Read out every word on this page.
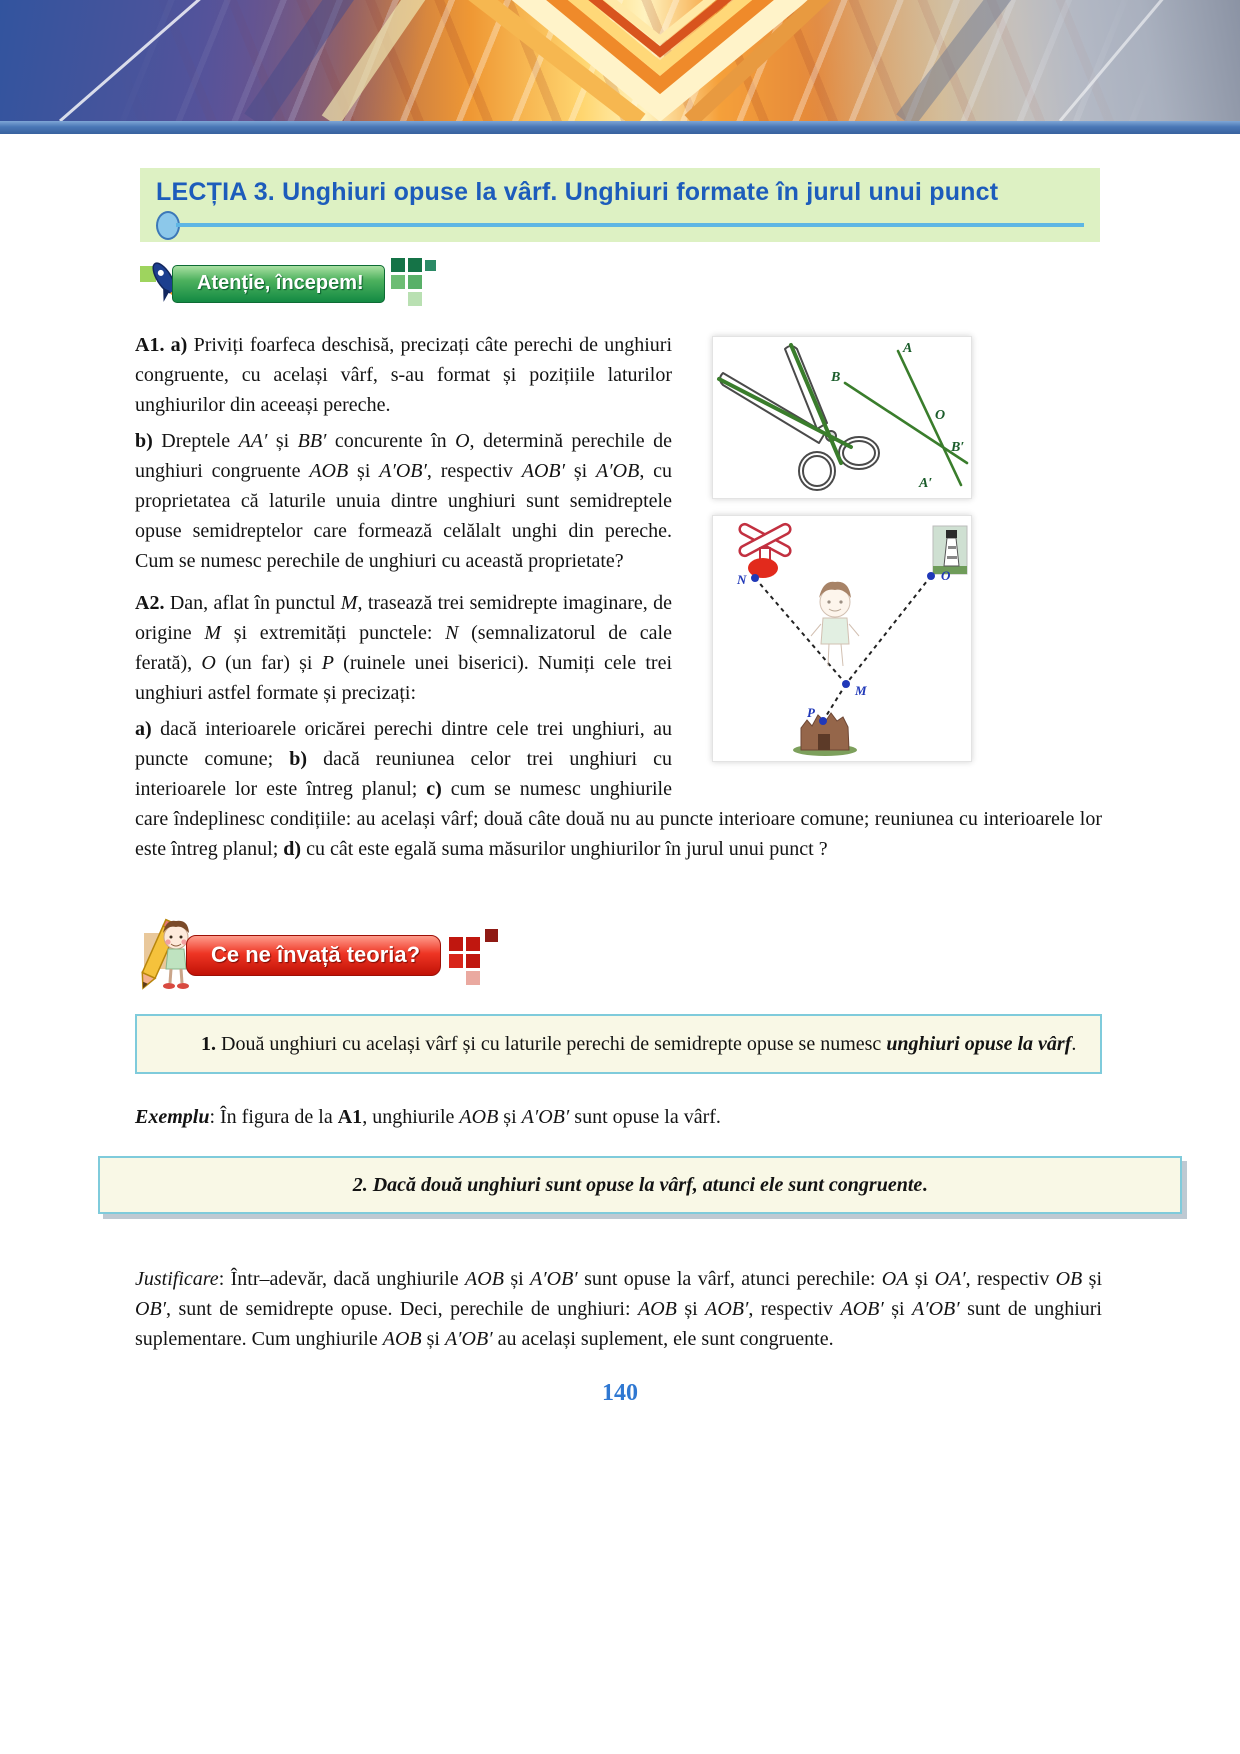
LECȚIA 3. Unghiuri opuse la vârf. Unghiuri formate în jurul unui punct
Atenție, începem!
A
B
O
B′
A′
N	O
M
P

A1. a) Priviți foarfeca deschisă, precizați câte perechi de unghiuri congruente, cu același vârf, s-au format și pozițiile laturilor unghiurilor din aceeași pereche.

b) Dreptele AA′ și BB′ concurente în O, determină perechile de unghiuri congruente AOB și A′OB′, respectiv AOB′ și A′OB, cu proprietatea că laturile unuia dintre unghiuri sunt semidreptele opuse semidreptelor care formează celălalt unghi din pereche. Cum se numesc perechile de unghiuri cu această proprietate?

A2. Dan, aflat în punctul M, trasează trei semidrepte imaginare, de origine M și extremități punctele: N (semnalizatorul de cale ferată), O (un far) și P (ruinele unei biserici). Numiți cele trei unghiuri astfel formate și precizați:

a) dacă interioarele oricărei perechi dintre cele trei unghiuri, au puncte comune; b) dacă reuniunea celor trei unghiuri cu interioarele lor este întreg planul; c) cum se numesc unghiurile care îndeplinesc condițiile: au același vârf; două câte două nu au puncte interioare comune; reuniunea cu interioarele lor este întreg planul; d) cu cât este egală suma măsurilor unghiurilor în jurul unui punct ?

Ce ne învață teoria?

1. Două unghiuri cu același vârf și cu laturile perechi de semidrepte opuse se numesc unghiuri opuse la vârf.

Exemplu: În figura de la A1, unghiurile AOB și A′OB′ sunt opuse la vârf.

2. Dacă două unghiuri sunt opuse la vârf, atunci ele sunt congruente.

Justificare: Într–adevăr, dacă unghiurile AOB și A′OB′ sunt opuse la vârf, atunci perechile: OA și OA′, respectiv OB și OB′, sunt de semidrepte opuse. Deci, perechile de unghiuri: AOB și AOB′, respectiv AOB′ și A′OB′ sunt de unghiuri suplementare. Cum unghiurile AOB și A′OB′ au același suplement, ele sunt congruente.

140
